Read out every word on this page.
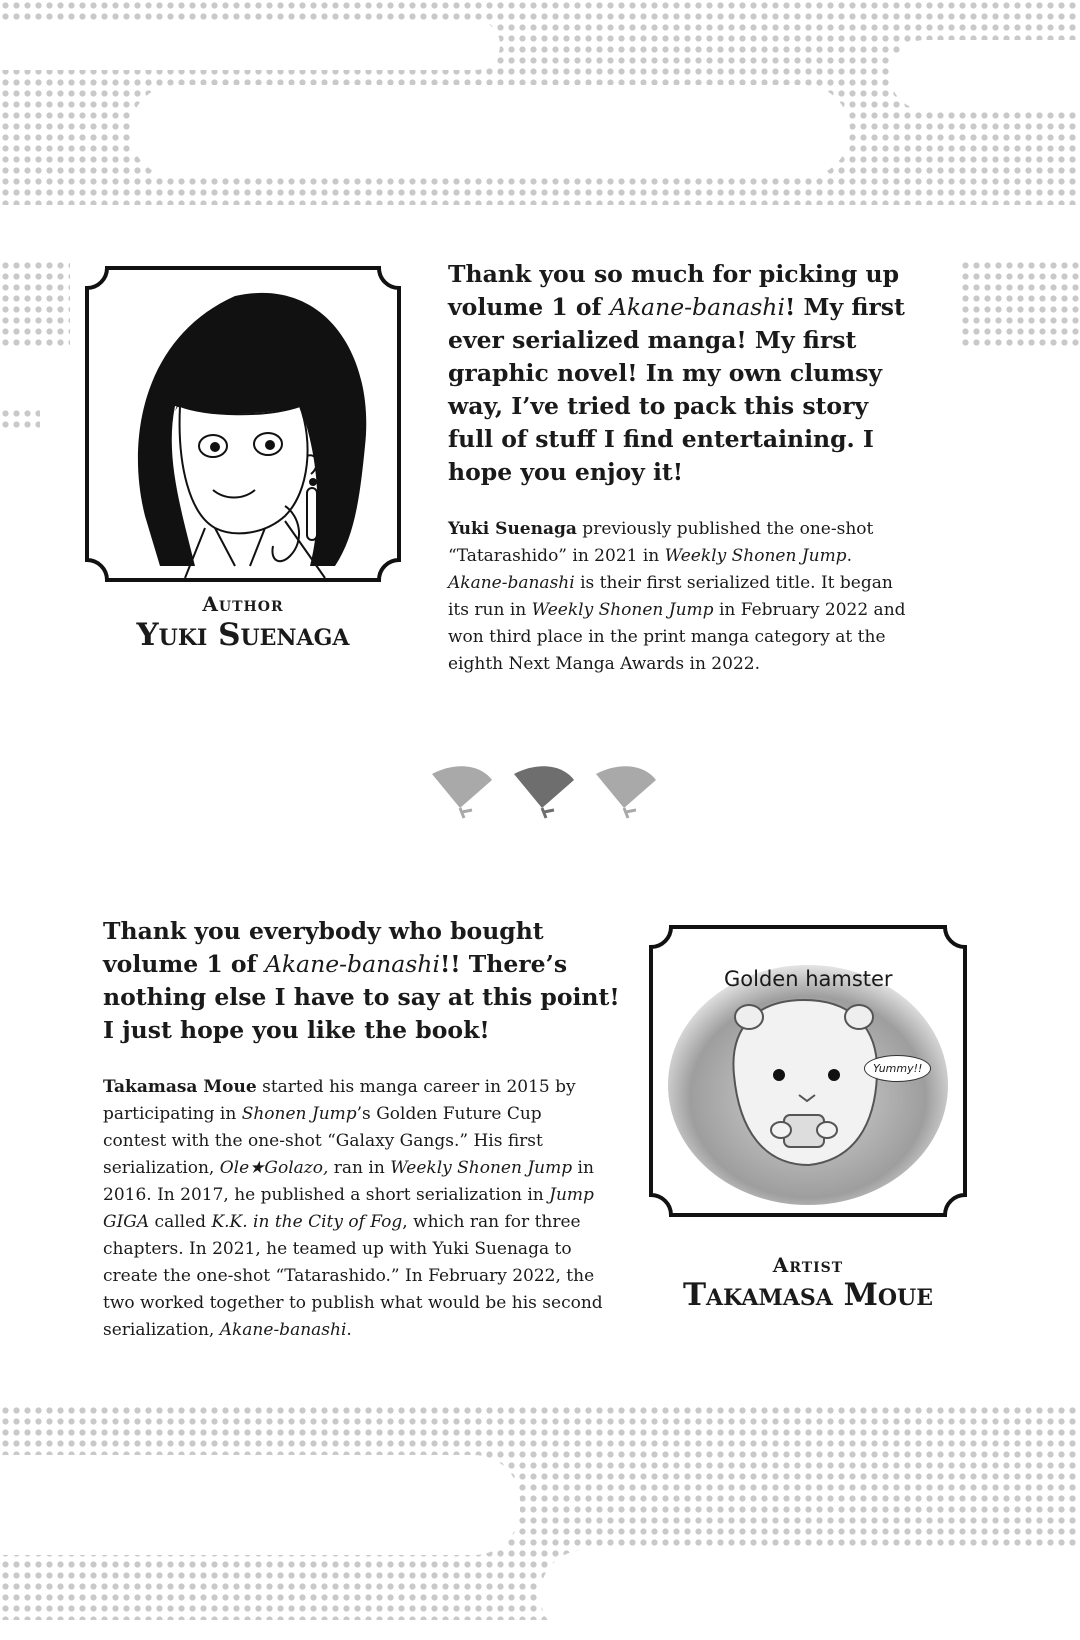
Author
Yuki Suenaga
Thank you so much for picking up volume 1 of Akane-banashi! My first ever serialized manga! My first graphic novel! In my own clumsy way, I’ve tried to pack this story full of stuff I find entertaining. I hope you enjoy it!
Yuki Suenaga previously published the one-shot “Tatarashido” in 2021 in Weekly Shonen Jump. Akane-banashi is their first serialized title. It began its run in Weekly Shonen Jump in February 2022 and won third place in the print manga category at the eighth Next Manga Awards in 2022.
Thank you everybody who bought volume 1 of Akane-banashi!! There’s nothing else I have to say at this point! I just hope you like the book!
Takamasa Moue started his manga career in 2015 by participating in Shonen Jump’s Golden Future Cup contest with the one-shot “Galaxy Gangs.” His first serialization, Ole★Golazo, ran in Weekly Shonen Jump in 2016. In 2017, he published a short serialization in Jump GIGA called K.K. in the City of Fog, which ran for three chapters. In 2021, he teamed up with Yuki Suenaga to create the one-shot “Tatarashido.” In February 2022, the two worked together to publish what would be his second serialization, Akane-banashi.
Golden hamster
Yummy!!
Artist
Takamasa Moue
